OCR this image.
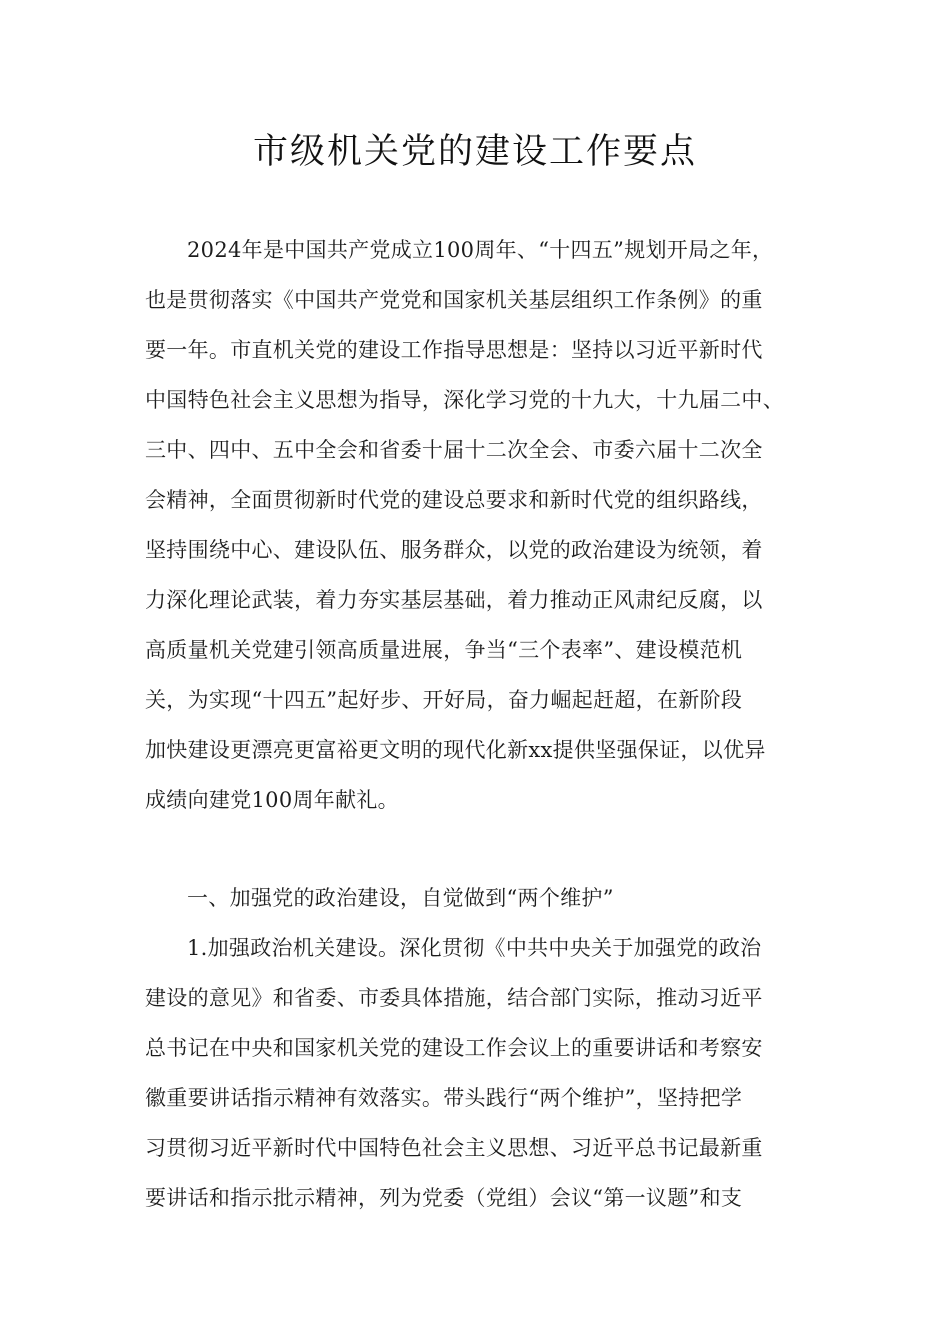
市级机关党的建设工作要点
2024年是中国共产党成立100周年、“十四五”规划开局之年，
也是贯彻落实《中国共产党党和国家机关基层组织工作条例》的重
要一年。市直机关党的建设工作指导思想是：坚持以习近平新时代
中国特色社会主义思想为指导，深化学习党的十九大，十九届二中、
三中、四中、五中全会和省委十届十二次全会、市委六届十二次全
会精神，全面贯彻新时代党的建设总要求和新时代党的组织路线，
坚持围绕中心、建设队伍、服务群众，以党的政治建设为统领，着
力深化理论武装，着力夯实基层基础，着力推动正风肃纪反腐，以
高质量机关党建引领高质量进展，争当“三个表率”、建设模范机
关，为实现“十四五”起好步、开好局，奋力崛起赶超，在新阶段
加快建设更漂亮更富裕更文明的现代化新xx提供坚强保证，以优异
成绩向建党100周年献礼。
一、加强党的政治建设，自觉做到“两个维护”
1.加强政治机关建设。深化贯彻《中共中央关于加强党的政治
建设的意见》和省委、市委具体措施，结合部门实际，推动习近平
总书记在中央和国家机关党的建设工作会议上的重要讲话和考察安
徽重要讲话指示精神有效落实。带头践行“两个维护”，坚持把学
习贯彻习近平新时代中国特色社会主义思想、习近平总书记最新重
要讲话和指示批示精神，列为党委（党组）会议“第一议题”和支
